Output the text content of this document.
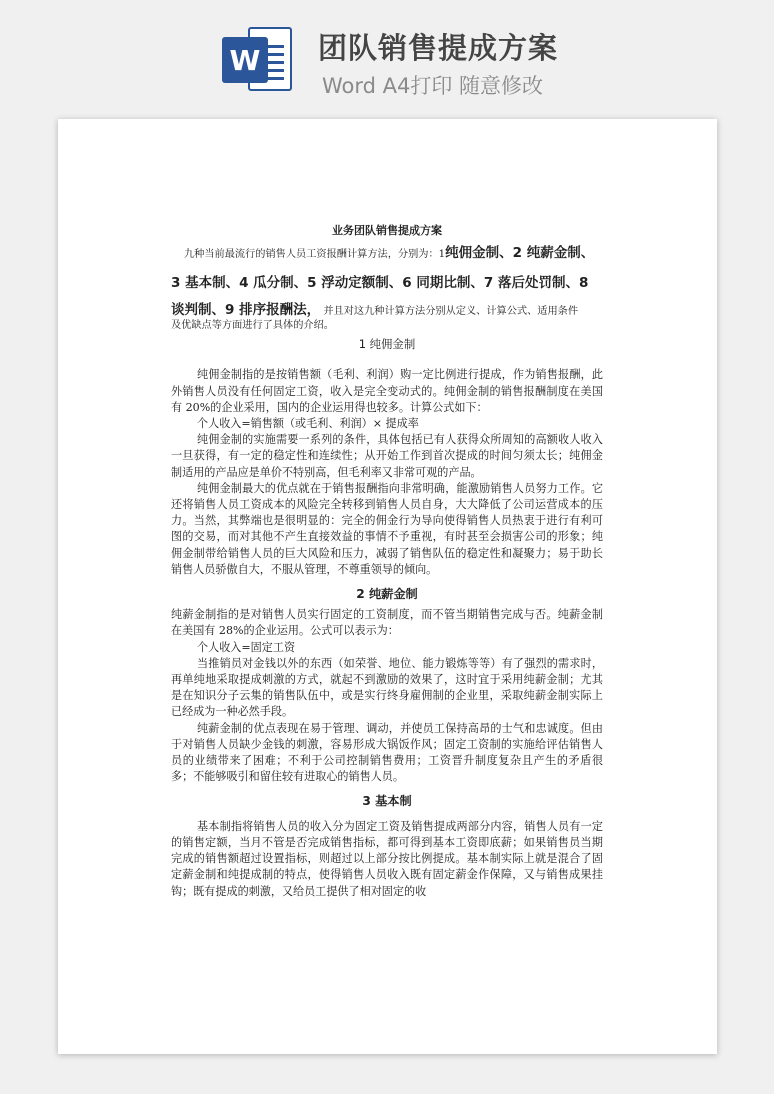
W 团队销售提成方案
Word A4打印 随意修改
业务团队销售提成方案

九种当前最流行的销售人员工资报酬计算方法，分别为：1纯佣金制、2 纯薪金制、

3 基本制、4 瓜分制、5 浮动定额制、6 同期比制、7 落后处罚制、8

谈判制、9 排序报酬法， 并且对这九种计算方法分别从定义、计算公式、适用条件

及优缺点等方面进行了具体的介绍。

1 纯佣金制

纯佣金制指的是按销售额（毛利、利润）购一定比例进行提成，作为销售报酬，此外销售人员没有任何固定工资，收入是完全变动式的。纯佣金制的销售报酬制度在美国有 20%的企业采用，国内的企业运用得也较多。计算公式如下：

个人收入=销售额（或毛利、利润）× 提成率

纯佣金制的实施需要一系列的条件，具体包括已有人获得众所周知的高额收人收入一旦获得，有一定的稳定性和连续性；从开始工作到首次提成的时间匀须太长；纯佣金制适用的产品应是单价不特别高，但毛利率又非常可观的产品。

纯佣金制最大的优点就在于销售报酬指向非常明确，能激励销售人员努力工作。它还将销售人员工资成本的风险完全转移到销售人员自身，大大降低了公司运营成本的压力。当然，其弊端也是很明显的：完全的佣金行为导向使得销售人员热衷于进行有利可图的交易，而对其他不产生直接效益的事情不予重视，有时甚至会损害公司的形象；纯佣金制带给销售人员的巨大风险和压力，减弱了销售队伍的稳定性和凝聚力；易于助长销售人员骄傲自大，不服从管理，不尊重领导的倾向。

2 纯薪金制

纯薪金制指的是对销售人员实行固定的工资制度，而不管当期销售完成与否。纯薪金制在美国有 28%的企业运用。公式可以表示为：

个人收入=固定工资

当推销员对金钱以外的东西（如荣誉、地位、能力锻炼等等）有了强烈的需求时，再单纯地采取提成刺激的方式，就起不到激励的效果了，这时宜于采用纯薪金制；尤其是在知识分子云集的销售队伍中，或是实行终身雇佣制的企业里，采取纯薪金制实际上已经成为一种必然手段。

纯薪金制的优点表现在易于管理、调动，并使员工保持高昂的士气和忠诚度。但由于对销售人员缺少金钱的刺激，容易形成大锅饭作风；固定工资制的实施给评估销售人员的业绩带来了困难；不利于公司控制销售费用；工资晋升制度复杂且产生的矛盾很多；不能够吸引和留住较有进取心的销售人员。

3 基本制

基本制指将销售人员的收入分为固定工资及销售提成两部分内容，销售人员有一定的销售定额，当月不管是否完成销售指标，都可得到基本工资即底薪；如果销售员当期完成的销售额超过设置指标，则超过以上部分按比例提成。基本制实际上就是混合了固定薪金制和纯提成制的特点，使得销售人员收入既有固定薪金作保障，又与销售成果挂钩；既有提成的刺激，又给员工提供了相对固定的收
